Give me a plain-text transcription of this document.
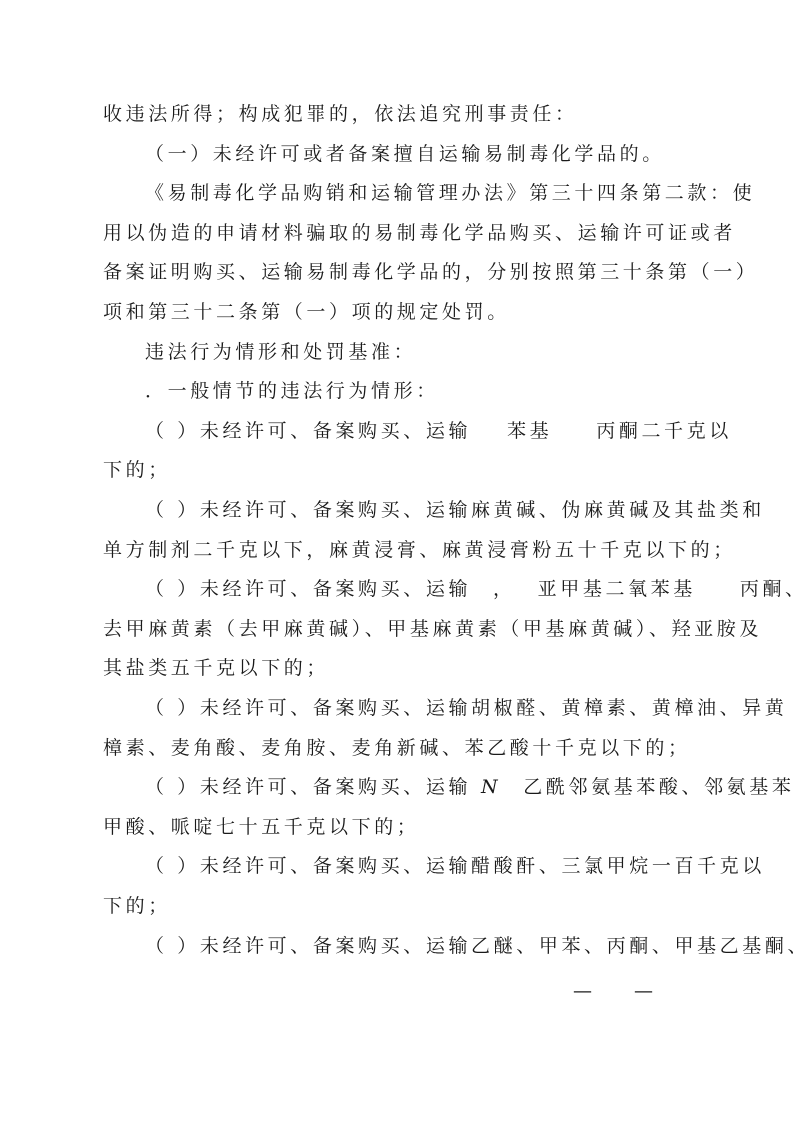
收违法所得；构成犯罪的，依法追究刑事责任：
（一）未经许可或者备案擅自运输易制毒化学品的。
《易制毒化学品购销和运输管理办法》第三十四条第二款：使
用以伪造的申请材料骗取的易制毒化学品购买、运输许可证或者
备案证明购买、运输易制毒化学品的，分别按照第三十条第（一）
项和第三十二条第（一）项的规定处罚。
违法行为情形和处罚基准：
．一般情节的违法行为情形：
（ ）未经许可、备案购买、运输 苯基 丙酮二千克以
下的；
（ ）未经许可、备案购买、运输麻黄碱、伪麻黄碱及其盐类和
单方制剂二千克以下，麻黄浸膏、麻黄浸膏粉五十千克以下的；
（ ）未经许可、备案购买、运输 ， 亚甲基二氧苯基 丙酮、
去甲麻黄素（去甲麻黄碱）、甲基麻黄素（甲基麻黄碱）、羟亚胺及
其盐类五千克以下的；
（ ）未经许可、备案购买、运输胡椒醛、黄樟素、黄樟油、异黄
樟素、麦角酸、麦角胺、麦角新碱、苯乙酸十千克以下的；
（ ）未经许可、备案购买、运输 N 乙酰邻氨基苯酸、邻氨基苯
甲酸、哌啶七十五千克以下的；
（ ）未经许可、备案购买、运输醋酸酐、三氯甲烷一百千克以
下的；
（ ）未经许可、备案购买、运输乙醚、甲苯、丙酮、甲基乙基酮、
— —
